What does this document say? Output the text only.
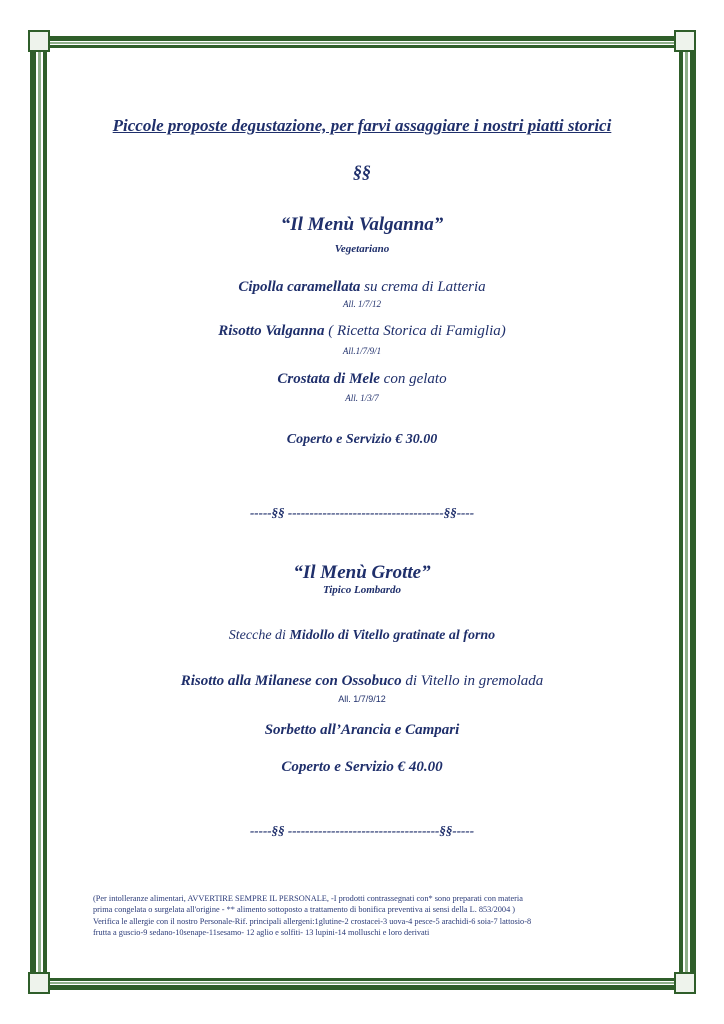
Piccole proposte degustazione, per farvi assaggiare i nostri piatti storici
§§
“Il Menù Valganna”
Vegetariano
Cipolla caramellata su crema di Latteria
All. 1/7/12
Risotto Valganna ( Ricetta Storica di Famiglia)
All.1/7/9/1
Crostata di Mele con gelato
All. 1/3/7
Coperto e Servizio € 30.00
-----§§ ------------------------------------§§----
“Il Menù Grotte”
Tipico Lombardo
Stecche di Midollo di Vitello gratinate al forno
Risotto alla Milanese con Ossobuco di Vitello in gremolada
All. 1/7/9/12
Sorbetto all’Arancia e Campari
Coperto e Servizio € 40.00
-----§§ -----------------------------------§§-----
(Per intolleranze alimentari, AVVERTIRE SEMPRE IL PERSONALE, -I prodotti contrassegnati con* sono preparati con materia
prima congelata o surgelata all'origine - ** alimento sottoposto a trattamento di bonifica preventiva ai sensi della L. 853/2004 )
Verifica le allergie con il nostro Personale-Rif. principali allergeni:1glutine-2 crostacei-3 uova-4 pesce-5 arachidi-6 soia-7 lattosio-8
frutta a guscio-9 sedano-10senape-11sesamo- 12 aglio e solfiti- 13 lupini-14 molluschi e loro derivati
